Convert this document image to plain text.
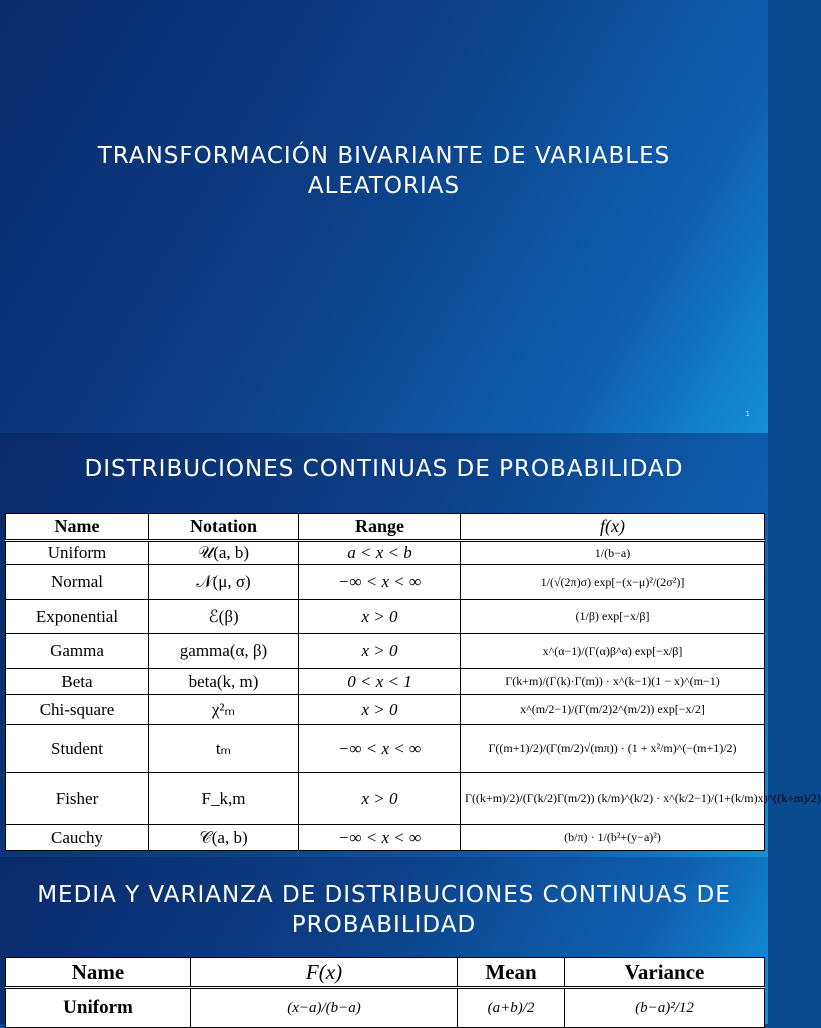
TRANSFORMACIÓN BIVARIANTE DE VARIABLES ALEATORIAS
1
DISTRIBUCIONES CONTINUAS DE PROBABILIDAD
Name	Notation	Range	f(x)
Uniform	𝒰(a, b)	a < x < b	1/(b−a)
Normal	𝒩(μ, σ)	−∞ < x < ∞	1/(√(2π)σ) exp[−(x−μ)²/(2σ²)]
Exponential	ℰ(β)	x > 0	(1/β) exp[−x/β]
Gamma	gamma(α, β)	x > 0	x^(α−1)/(Γ(α)β^α) exp[−x/β]
Beta	beta(k, m)	0 < x < 1	Γ(k+m)/(Γ(k)·Γ(m)) · x^(k−1)(1 − x)^(m−1)
Chi-square	χ²ₘ	x > 0	x^(m/2−1)/(Γ(m/2)2^(m/2)) exp[−x/2]
Student	tₘ	−∞ < x < ∞	Γ((m+1)/2)/(Γ(m/2)√(mπ)) · (1 + x²/m)^(−(m+1)/2)
Fisher	F_k,m	x > 0	Γ((k+m)/2)/(Γ(k/2)Γ(m/2)) (k/m)^(k/2) · x^(k/2−1)/(1+(k/m)x)^((k+m)/2)
Cauchy	𝒞(a, b)	−∞ < x < ∞	(b/π) · 1/(b²+(y−a)²)
MEDIA Y VARIANZA DE DISTRIBUCIONES CONTINUAS DE PROBABILIDAD
Name	F(x)	Mean	Variance
Uniform	(x−a)/(b−a)	(a+b)/2	(b−a)²/12
